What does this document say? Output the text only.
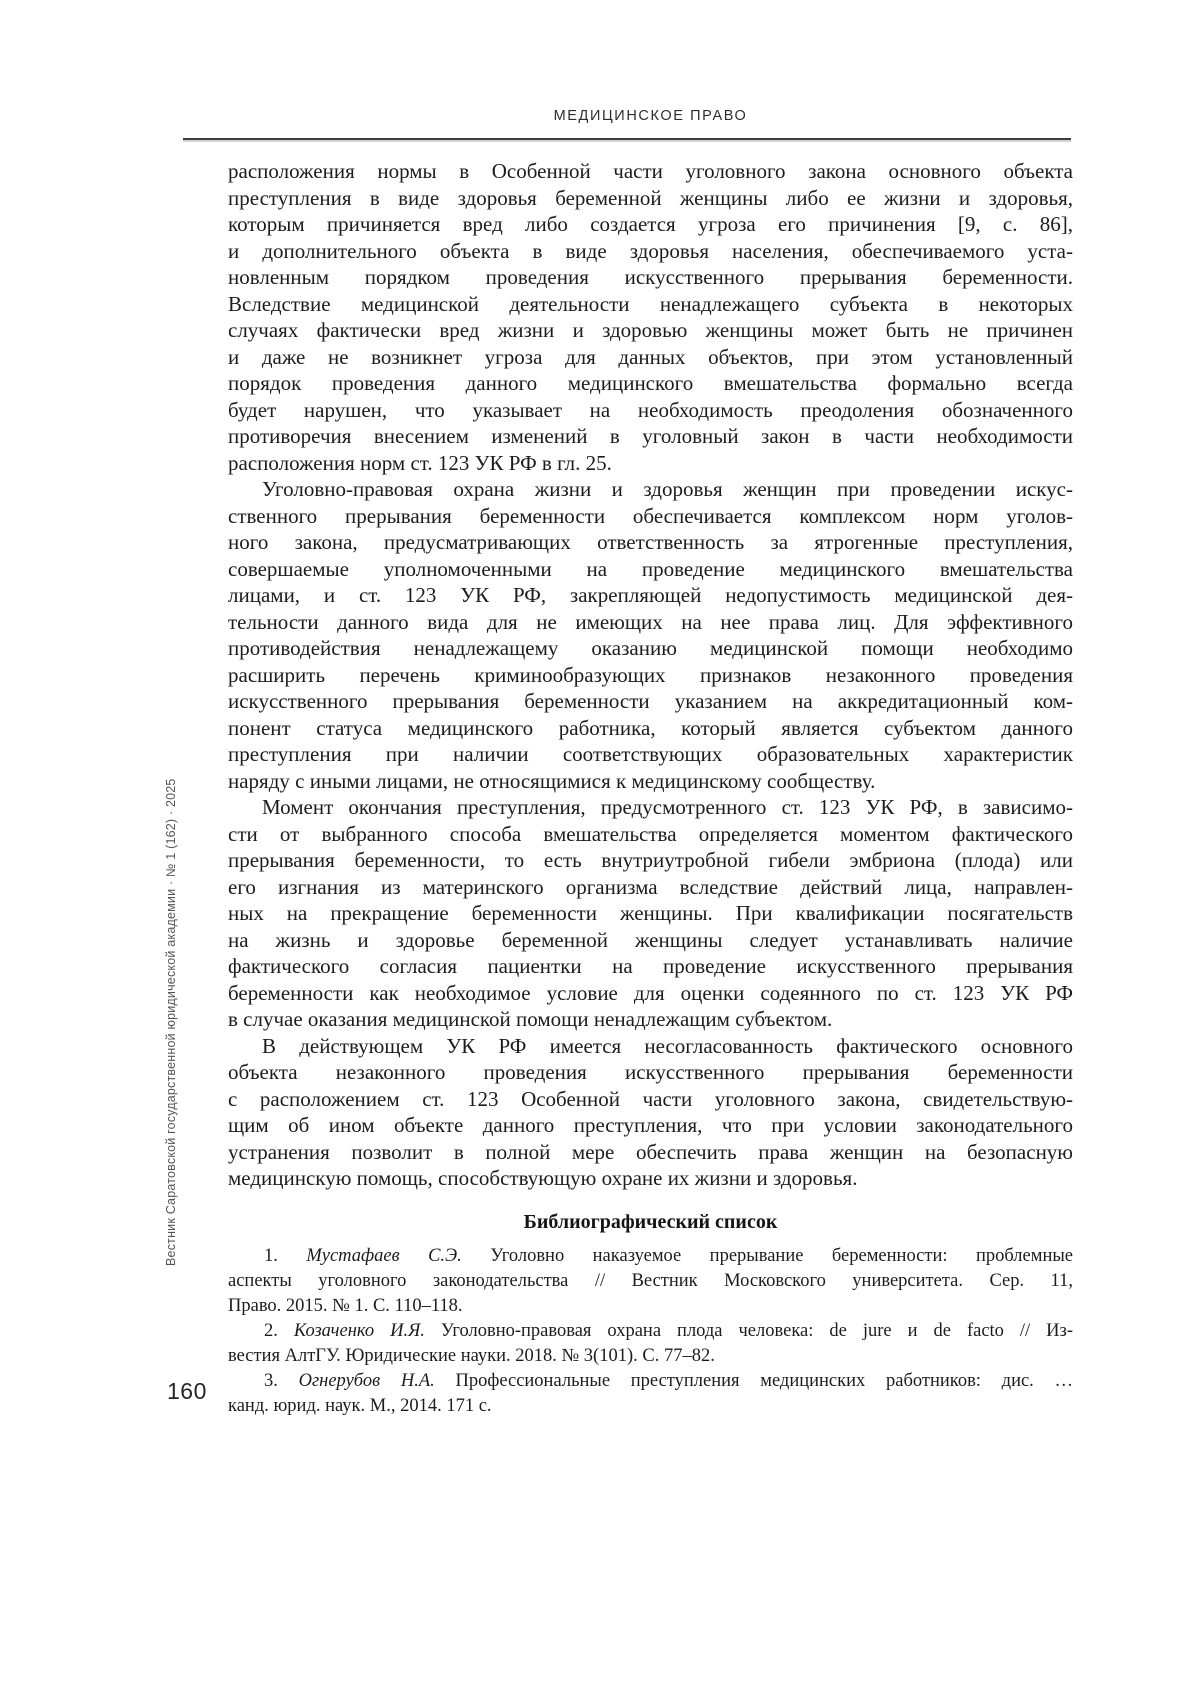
МЕДИЦИНСКОЕ ПРАВО
расположения нормы в Особенной части уголовного закона основного объекта
преступления в виде здоровья беременной женщины либо ее жизни и здоровья,
которым причиняется вред либо создается угроза его причинения [9, с. 86],
и дополнительного объекта в виде здоровья населения, обеспечиваемого уста-
новленным порядком проведения искусственного прерывания беременности.
Вследствие медицинской деятельности ненадлежащего субъекта в некоторых
случаях фактически вред жизни и здоровью женщины может быть не причинен
и даже не возникнет угроза для данных объектов, при этом установленный
порядок проведения данного медицинского вмешательства формально всегда
будет нарушен, что указывает на необходимость преодоления обозначенного
противоречия внесением изменений в уголовный закон в части необходимости
расположения норм ст. 123 УК РФ в гл. 25.
Уголовно-правовая охрана жизни и здоровья женщин при проведении искус-
ственного прерывания беременности обеспечивается комплексом норм уголов-
ного закона, предусматривающих ответственность за ятрогенные преступления,
совершаемые уполномоченными на проведение медицинского вмешательства
лицами, и ст. 123 УК РФ, закрепляющей недопустимость медицинской дея-
тельности данного вида для не имеющих на нее права лиц. Для эффективного
противодействия ненадлежащему оказанию медицинской помощи необходимо
расширить перечень криминообразующих признаков незаконного проведения
искусственного прерывания беременности указанием на аккредитационный ком-
понент статуса медицинского работника, который является субъектом данного
преступления при наличии соответствующих образовательных характеристик
наряду с иными лицами, не относящимися к медицинскому сообществу.
Момент окончания преступления, предусмотренного ст. 123 УК РФ, в зависимо-
сти от выбранного способа вмешательства определяется моментом фактического
прерывания беременности, то есть внутриутробной гибели эмбриона (плода) или
его изгнания из материнского организма вследствие действий лица, направлен-
ных на прекращение беременности женщины. При квалификации посягательств
на жизнь и здоровье беременной женщины следует устанавливать наличие
фактического согласия пациентки на проведение искусственного прерывания
беременности как необходимое условие для оценки содеянного по ст. 123 УК РФ
в случае оказания медицинской помощи ненадлежащим субъектом.
В действующем УК РФ имеется несогласованность фактического основного
объекта незаконного проведения искусственного прерывания беременности
с расположением ст. 123 Особенной части уголовного закона, свидетельствую-
щим об ином объекте данного преступления, что при условии законодательного
устранения позволит в полной мере обеспечить права женщин на безопасную
медицинскую помощь, способствующую охране их жизни и здоровья.
Библиографический список
1. Мустафаев С.Э. Уголовно наказуемое прерывание беременности: проблемные
аспекты уголовного законодательства // Вестник Московского университета. Сер. 11,
Право. 2015. № 1. С. 110–118.
2. Козаченко И.Я. Уголовно-правовая охрана плода человека: de jure и de facto // Из-
вестия АлтГУ. Юридические науки. 2018. № 3(101). С. 77–82.
3. Огнерубов Н.А. Профессиональные преступления медицинских работников: дис. …
канд. юрид. наук. М., 2014. 171 с.
Вестник Саратовской государственной юридической академии · № 1 (162) · 2025
160
